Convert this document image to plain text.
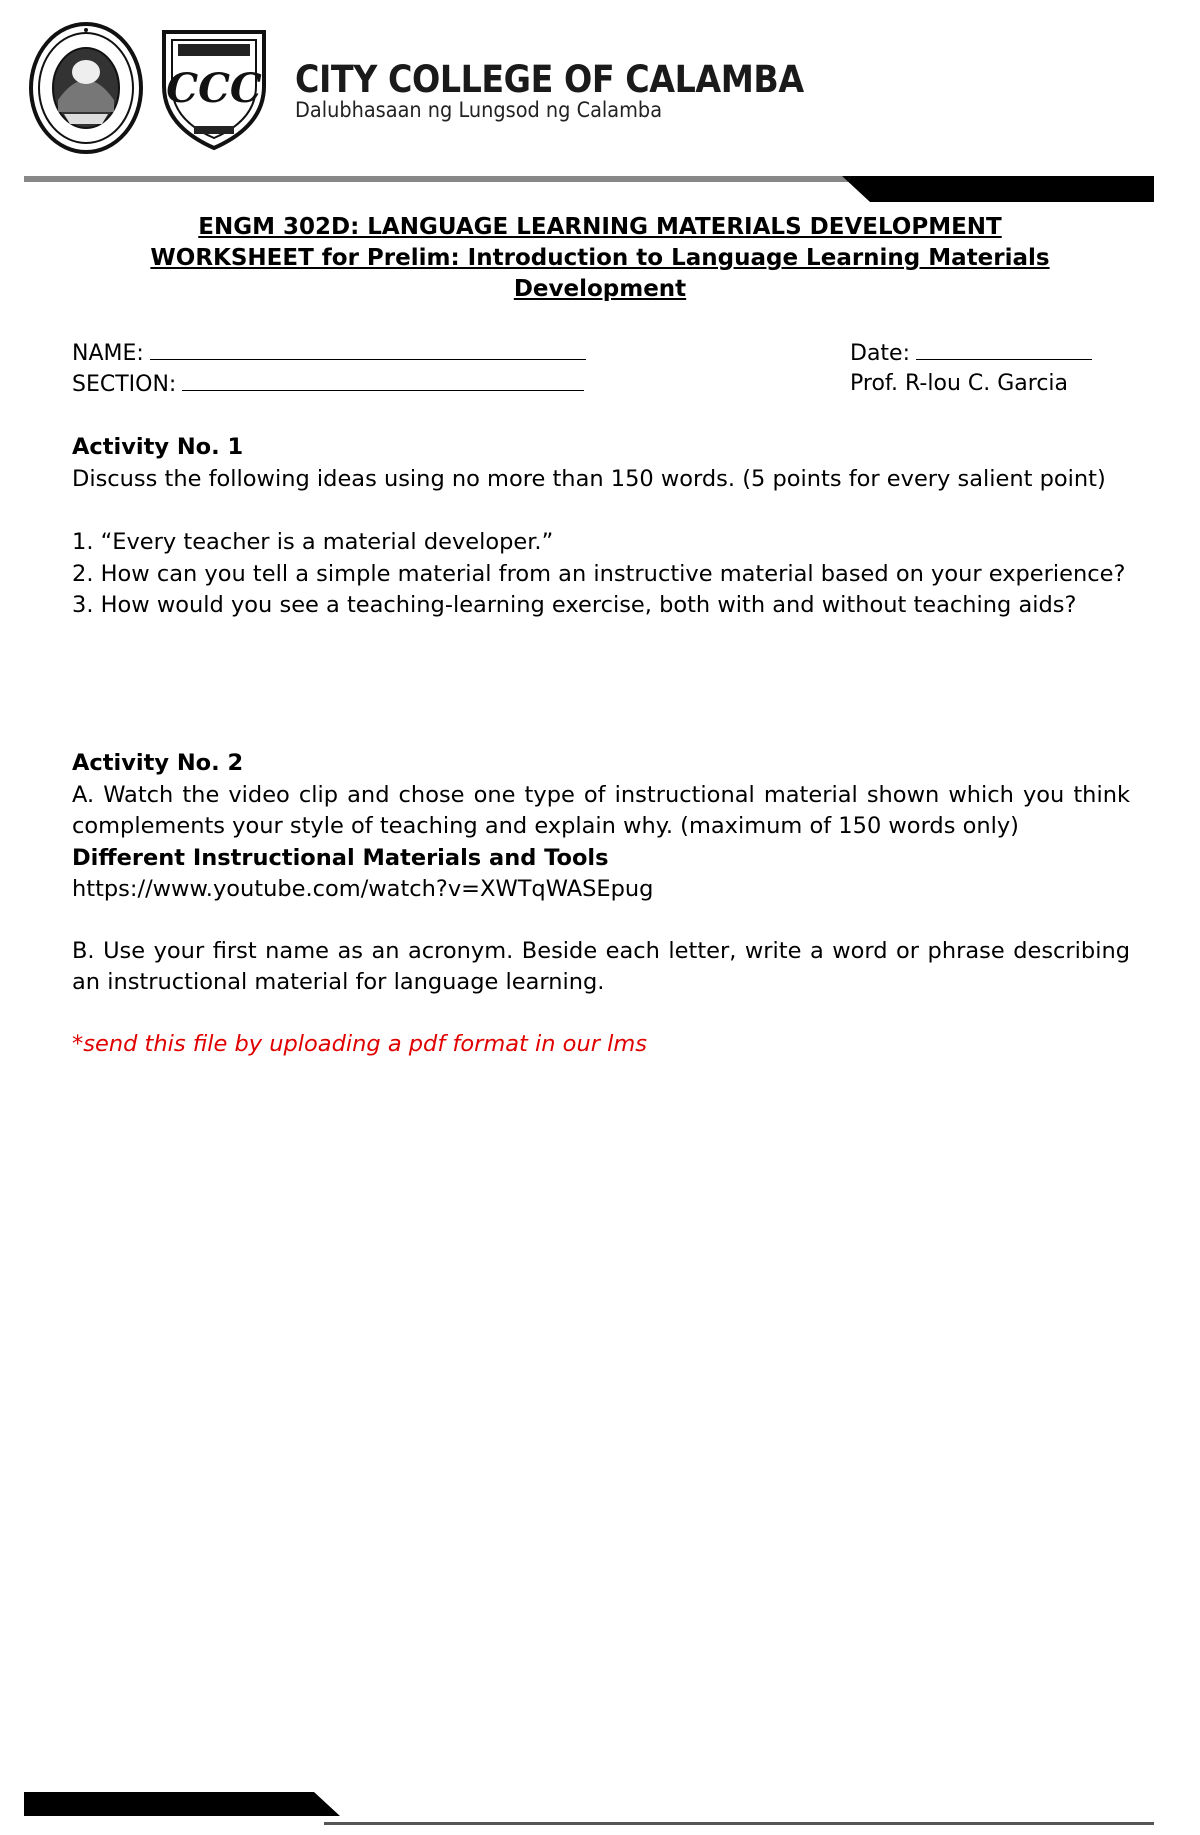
CCC CITY COLLEGE OF CALAMBA
Dalubhasaan ng Lungsod ng Calamba
ENGM 302D: LANGUAGE LEARNING MATERIALS DEVELOPMENT
WORKSHEET for Prelim: Introduction to Language Learning Materials
Development
NAME:
SECTION:
Date:
Prof. R-lou C. Garcia

Activity No. 1

Discuss the following ideas using no more than 150 words. (5 points for every salient point)

1. “Every teacher is a material developer.”

2. How can you tell a simple material from an instructive material based on your experience?

3. How would you see a teaching-learning exercise, both with and without teaching aids?

Activity No. 2

A. Watch the video clip and chose one type of instructional material shown which you think complements your style of teaching and explain why. (maximum of 150 words only)

Different Instructional Materials and Tools

https://www.youtube.com/watch?v=XWTqWASEpug

B. Use your first name as an acronym. Beside each letter, write a word or phrase describing an instructional material for language learning.

*send this file by uploading a pdf format in our lms
